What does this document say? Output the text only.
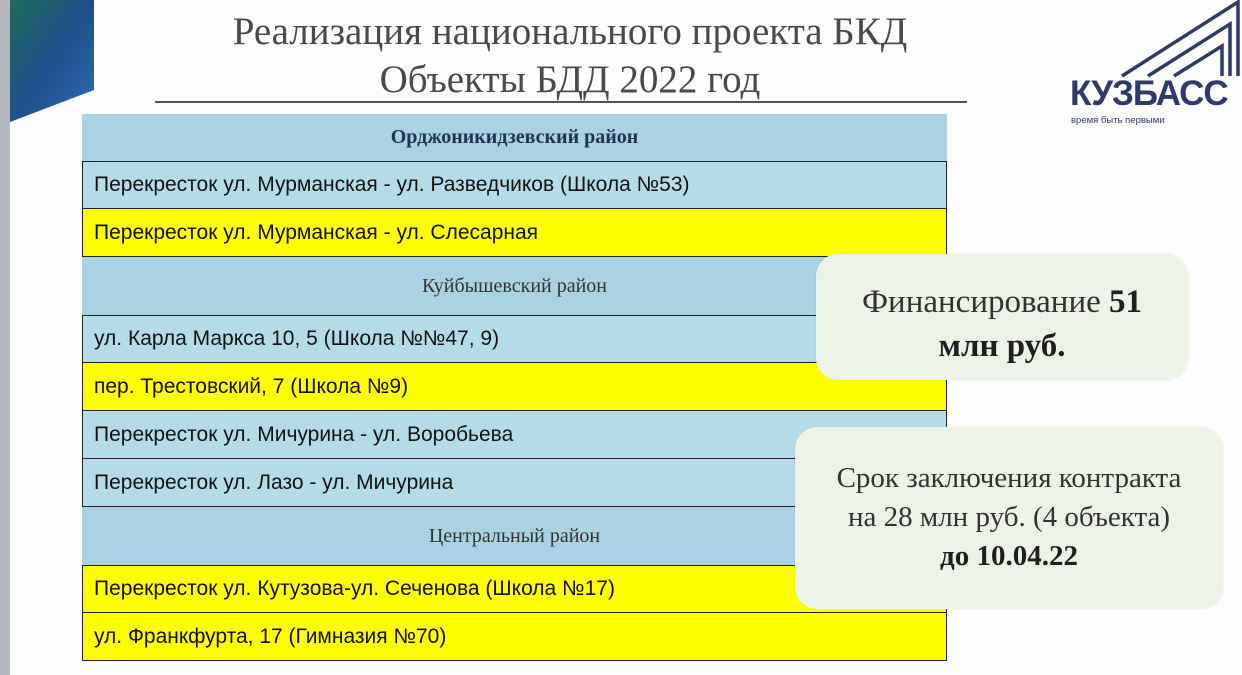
Реализация национального проекта БКД
Объекты БДД 2022 год	КУЗБАСС
время быть первыми
Орджоникидзевский район
Перекресток ул. Мурманская - ул. Разведчиков (Школа №53)
Перекресток ул. Мурманская - ул. Слесарная
Куйбышевский район
ул. Карла Маркса 10, 5 (Школа №№47, 9)
пер. Трестовский, 7 (Школа №9)
Перекресток ул. Мичурина - ул. Воробьева
Перекресток ул. Лазо - ул. Мичурина
Центральный район
Перекресток ул. Кутузова-ул. Сеченова (Школа №17)
ул. Франкфурта, 17 (Гимназия №70)
Финансирование 51
млн руб.
Срок заключения контракта
на 28 млн руб. (4 объекта)
до 10.04.22
